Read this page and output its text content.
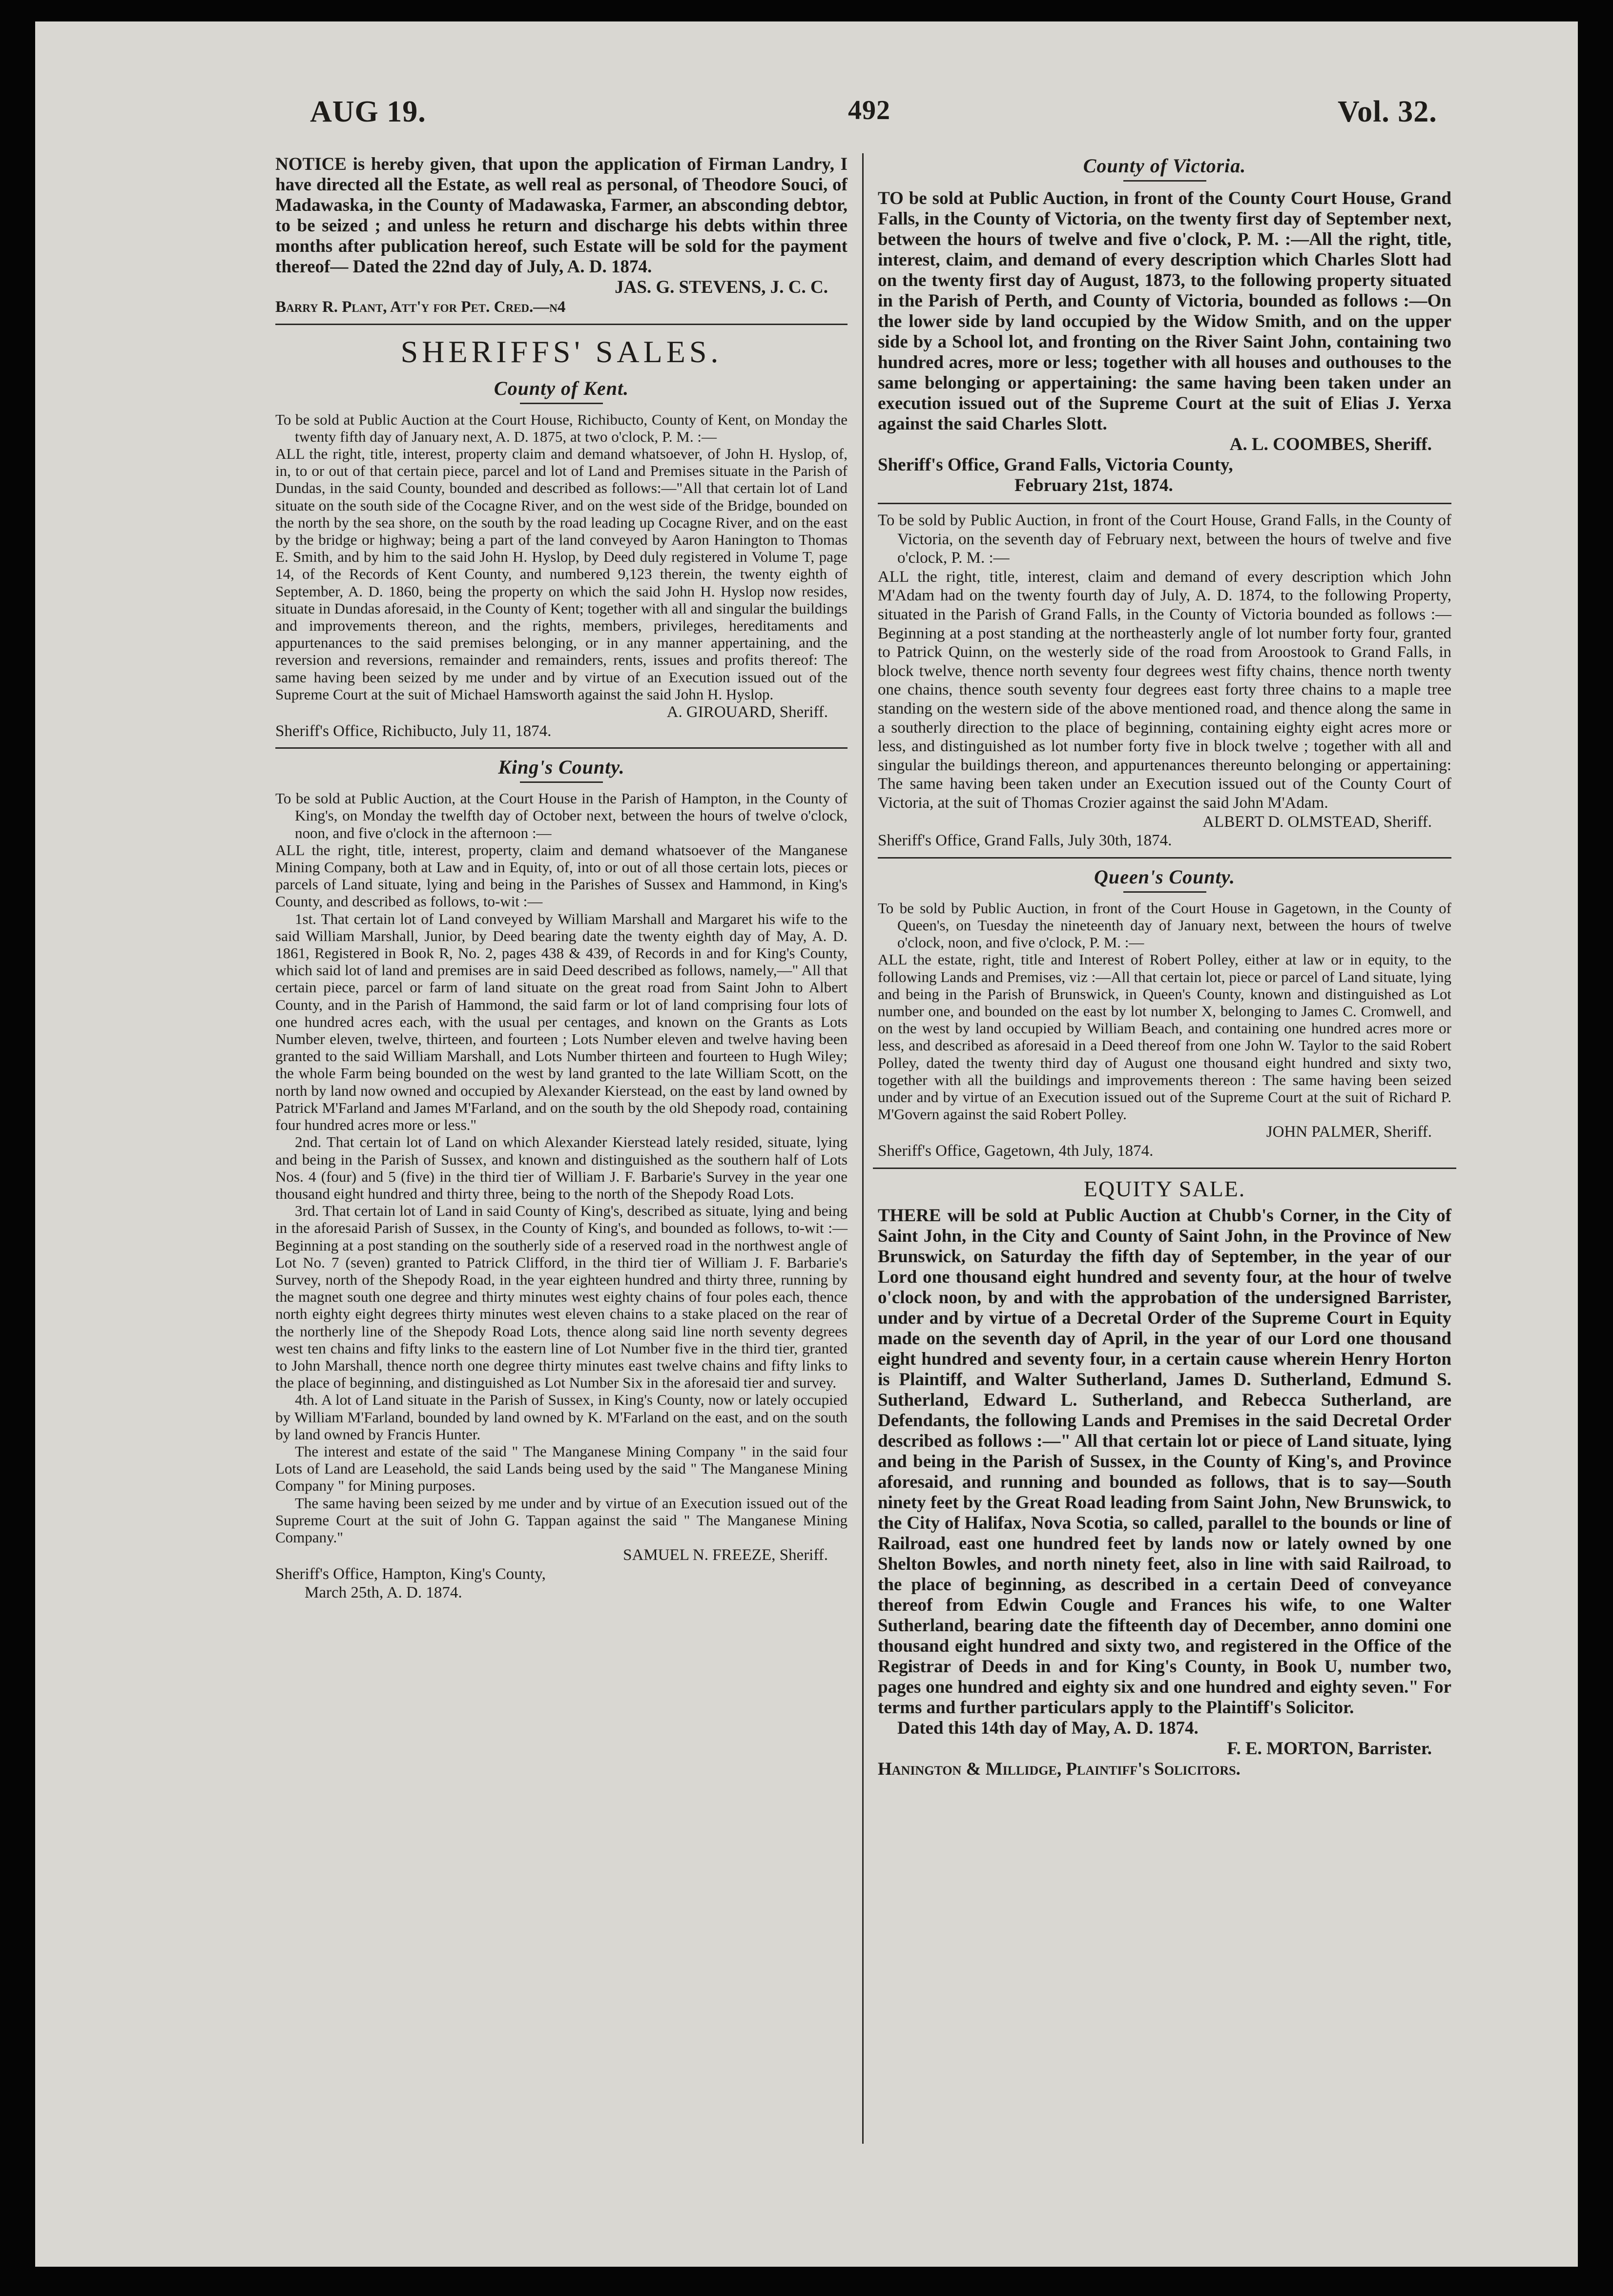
AUG 19.	492	Vol. 32.

NOTICE is hereby given, that upon the application of Firman Landry, I have directed all the Estate, as well real as personal, of Theodore Souci, of Madawaska, in the County of Madawaska, Farmer, an absconding debtor, to be seized ; and unless he return and discharge his debts within three months after publication hereof, such Estate will be sold for the payment thereof— Dated the 22nd day of July, A. D. 1874.

JAS. G. STEVENS, J. C. C.

Barry R. Plant, Att'y for Pet. Cred.—n4

SHERIFFS' SALES.
County of Kent.

To be sold at Public Auction at the Court House, Richibucto, County of Kent, on Monday the twenty fifth day of January next, A. D. 1875, at two o'clock, P. M. :—

ALL the right, title, interest, property claim and demand whatsoever, of John H. Hyslop, of, in, to or out of that certain piece, parcel and lot of Land and Premises situate in the Parish of Dundas, in the said County, bounded and described as follows:—"All that certain lot of Land situate on the south side of the Cocagne River, and on the west side of the Bridge, bounded on the north by the sea shore, on the south by the road leading up Cocagne River, and on the east by the bridge or highway; being a part of the land conveyed by Aaron Hanington to Thomas E. Smith, and by him to the said John H. Hyslop, by Deed duly registered in Volume T, page 14, of the Records of Kent County, and numbered 9,123 therein, the twenty eighth of September, A. D. 1860, being the property on which the said John H. Hyslop now resides, situate in Dundas aforesaid, in the County of Kent; together with all and singular the buildings and improvements thereon, and the rights, members, privileges, hereditaments and appurtenances to the said premises belonging, or in any manner appertaining, and the reversion and reversions, remainder and remainders, rents, issues and profits thereof: The same having been seized by me under and by virtue of an Execution issued out of the Supreme Court at the suit of Michael Hamsworth against the said John H. Hyslop.

A. GIROUARD, Sheriff.

Sheriff's Office, Richibucto, July 11, 1874.

King's County.

To be sold at Public Auction, at the Court House in the Parish of Hampton, in the County of King's, on Monday the twelfth day of October next, between the hours of twelve o'clock, noon, and five o'clock in the afternoon :—

ALL the right, title, interest, property, claim and demand whatsoever of the Manganese Mining Company, both at Law and in Equity, of, into or out of all those certain lots, pieces or parcels of Land situate, lying and being in the Parishes of Sussex and Hammond, in King's County, and described as follows, to-wit :—

1st. That certain lot of Land conveyed by William Marshall and Margaret his wife to the said William Marshall, Junior, by Deed bearing date the twenty eighth day of May, A. D. 1861, Registered in Book R, No. 2, pages 438 & 439, of Records in and for King's County, which said lot of land and premises are in said Deed described as follows, namely,—" All that certain piece, parcel or farm of land situate on the great road from Saint John to Albert County, and in the Parish of Hammond, the said farm or lot of land comprising four lots of one hundred acres each, with the usual per centages, and known on the Grants as Lots Number eleven, twelve, thirteen, and fourteen ; Lots Number eleven and twelve having been granted to the said William Marshall, and Lots Number thirteen and fourteen to Hugh Wiley; the whole Farm being bounded on the west by land granted to the late William Scott, on the north by land now owned and occupied by Alexander Kierstead, on the east by land owned by Patrick M'Farland and James M'Farland, and on the south by the old Shepody road, containing four hundred acres more or less."

2nd. That certain lot of Land on which Alexander Kierstead lately resided, situate, lying and being in the Parish of Sussex, and known and distinguished as the southern half of Lots Nos. 4 (four) and 5 (five) in the third tier of William J. F. Barbarie's Survey in the year one thousand eight hundred and thirty three, being to the north of the Shepody Road Lots.

3rd. That certain lot of Land in said County of King's, described as situate, lying and being in the aforesaid Parish of Sussex, in the County of King's, and bounded as follows, to-wit :—Beginning at a post standing on the southerly side of a reserved road in the northwest angle of Lot No. 7 (seven) granted to Patrick Clifford, in the third tier of William J. F. Barbarie's Survey, north of the Shepody Road, in the year eighteen hundred and thirty three, running by the magnet south one degree and thirty minutes west eighty chains of four poles each, thence north eighty eight degrees thirty minutes west eleven chains to a stake placed on the rear of the northerly line of the Shepody Road Lots, thence along said line north seventy degrees west ten chains and fifty links to the eastern line of Lot Number five in the third tier, granted to John Marshall, thence north one degree thirty minutes east twelve chains and fifty links to the place of beginning, and distinguished as Lot Number Six in the aforesaid tier and survey.

4th. A lot of Land situate in the Parish of Sussex, in King's County, now or lately occupied by William M'Farland, bounded by land owned by K. M'Farland on the east, and on the south by land owned by Francis Hunter.

The interest and estate of the said " The Manganese Mining Company " in the said four Lots of Land are Leasehold, the said Lands being used by the said " The Manganese Mining Company " for Mining purposes.

The same having been seized by me under and by virtue of an Execution issued out of the Supreme Court at the suit of John G. Tappan against the said " The Manganese Mining Company."

SAMUEL N. FREEZE, Sheriff.

Sheriff's Office, Hampton, King's County,

March 25th, A. D. 1874.

County of Victoria.

TO be sold at Public Auction, in front of the County Court House, Grand Falls, in the County of Victoria, on the twenty first day of September next, between the hours of twelve and five o'clock, P. M. :—All the right, title, interest, claim, and demand of every description which Charles Slott had on the twenty first day of August, 1873, to the following property situated in the Parish of Perth, and County of Victoria, bounded as follows :—On the lower side by land occupied by the Widow Smith, and on the upper side by a School lot, and fronting on the River Saint John, containing two hundred acres, more or less; together with all houses and outhouses to the same belonging or appertaining: the same having been taken under an execution issued out of the Supreme Court at the suit of Elias J. Yerxa against the said Charles Slott.

A. L. COOMBES, Sheriff.

Sheriff's Office, Grand Falls, Victoria County,

February 21st, 1874.

To be sold by Public Auction, in front of the Court House, Grand Falls, in the County of Victoria, on the seventh day of February next, between the hours of twelve and five o'clock, P. M. :—

ALL the right, title, interest, claim and demand of every description which John M'Adam had on the twenty fourth day of July, A. D. 1874, to the following Property, situated in the Parish of Grand Falls, in the County of Victoria bounded as follows :—Beginning at a post standing at the northeasterly angle of lot number forty four, granted to Patrick Quinn, on the westerly side of the road from Aroostook to Grand Falls, in block twelve, thence north seventy four degrees west fifty chains, thence north twenty one chains, thence south seventy four degrees east forty three chains to a maple tree standing on the western side of the above mentioned road, and thence along the same in a southerly direction to the place of beginning, containing eighty eight acres more or less, and distinguished as lot number forty five in block twelve ; together with all and singular the buildings thereon, and appurtenances thereunto belonging or appertaining: The same having been taken under an Execution issued out of the County Court of Victoria, at the suit of Thomas Crozier against the said John M'Adam.

ALBERT D. OLMSTEAD, Sheriff.

Sheriff's Office, Grand Falls, July 30th, 1874.

Queen's County.

To be sold by Public Auction, in front of the Court House in Gagetown, in the County of Queen's, on Tuesday the nineteenth day of January next, between the hours of twelve o'clock, noon, and five o'clock, P. M. :—

ALL the estate, right, title and Interest of Robert Polley, either at law or in equity, to the following Lands and Premises, viz :—All that certain lot, piece or parcel of Land situate, lying and being in the Parish of Brunswick, in Queen's County, known and distinguished as Lot number one, and bounded on the east by lot number X, belonging to James C. Cromwell, and on the west by land occupied by William Beach, and containing one hundred acres more or less, and described as aforesaid in a Deed thereof from one John W. Taylor to the said Robert Polley, dated the twenty third day of August one thousand eight hundred and sixty two, together with all the buildings and improvements thereon : The same having been seized under and by virtue of an Execution issued out of the Supreme Court at the suit of Richard P. M'Govern against the said Robert Polley.

JOHN PALMER, Sheriff.

Sheriff's Office, Gagetown, 4th July, 1874.

EQUITY SALE.

THERE will be sold at Public Auction at Chubb's Corner, in the City of Saint John, in the City and County of Saint John, in the Province of New Brunswick, on Saturday the fifth day of September, in the year of our Lord one thousand eight hundred and seventy four, at the hour of twelve o'clock noon, by and with the approbation of the undersigned Barrister, under and by virtue of a Decretal Order of the Supreme Court in Equity made on the seventh day of April, in the year of our Lord one thousand eight hundred and seventy four, in a certain cause wherein Henry Horton is Plaintiff, and Walter Sutherland, James D. Sutherland, Edmund S. Sutherland, Edward L. Sutherland, and Rebecca Sutherland, are Defendants, the following Lands and Premises in the said Decretal Order described as follows :—" All that certain lot or piece of Land situate, lying and being in the Parish of Sussex, in the County of King's, and Province aforesaid, and running and bounded as follows, that is to say—South ninety feet by the Great Road leading from Saint John, New Brunswick, to the City of Halifax, Nova Scotia, so called, parallel to the bounds or line of Railroad, east one hundred feet by lands now or lately owned by one Shelton Bowles, and north ninety feet, also in line with said Railroad, to the place of beginning, as described in a certain Deed of conveyance thereof from Edwin Cougle and Frances his wife, to one Walter Sutherland, bearing date the fifteenth day of December, anno domini one thousand eight hundred and sixty two, and registered in the Office of the Registrar of Deeds in and for King's County, in Book U, number two, pages one hundred and eighty six and one hundred and eighty seven." For terms and further particulars apply to the Plaintiff's Solicitor.

Dated this 14th day of May, A. D. 1874.

F. E. MORTON, Barrister.

Hanington & Millidge, Plaintiff's Solicitors.
